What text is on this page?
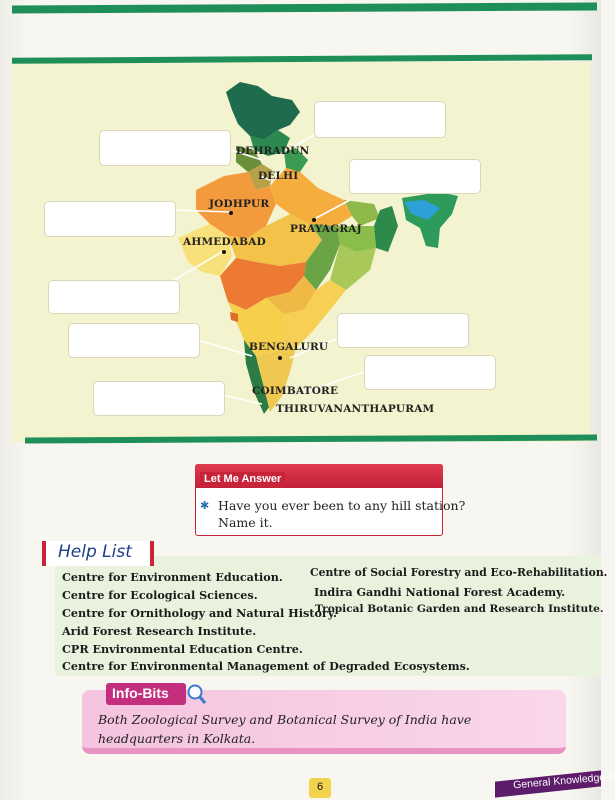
DEHRADUN
DELHI
JODHPUR
PRAYAGRAJ
AHMEDABAD
BENGALURU
COIMBATORE
THIRUVANANTHAPURAM
Let Me Answer
✱ Have you ever been to any hill station?
Name it.
Help List
Centre for Environment Education.
Centre for Ecological Sciences.
Centre for Ornithology and Natural History.
Arid Forest Research Institute.
CPR Environmental Education Centre.
Centre for Environmental Management of Degraded Ecosystems.
Centre of Social Forestry and Eco-Rehabilitation.
Indira Gandhi National Forest Academy.
Tropical Botanic Garden and Research Institute.
Info-Bits
Both Zoological Survey and Botanical Survey of India have
headquarters in Kolkata.
6	General Knowledge-6
